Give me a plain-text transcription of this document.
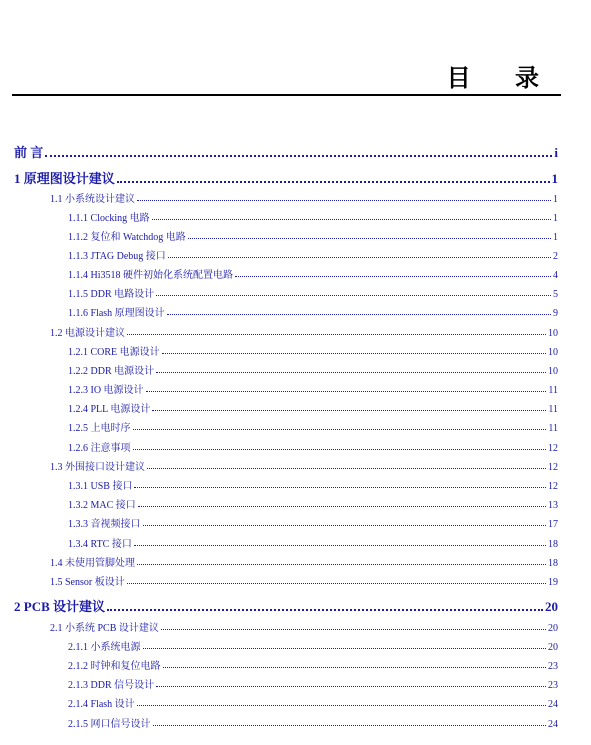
目 录
前 言	i
1 原理图设计建议	1
1.1 小系统设计建议	1
1.1.1 Clocking 电路	1
1.1.2 复位和 Watchdog 电路	1
1.1.3 JTAG Debug 接口	2
1.1.4 Hi3518 硬件初始化系统配置电路	4
1.1.5 DDR 电路设计	5
1.1.6 Flash 原理图设计	9
1.2 电源设计建议	10
1.2.1 CORE 电源设计	10
1.2.2 DDR 电源设计	10
1.2.3 IO 电源设计	11
1.2.4 PLL 电源设计	11
1.2.5 上电时序	11
1.2.6 注意事项	12
1.3 外围接口设计建议	12
1.3.1 USB 接口	12
1.3.2 MAC 接口	13
1.3.3 音视频接口	17
1.3.4 RTC 接口	18
1.4 未使用管脚处理	18
1.5 Sensor 板设计	19
2 PCB 设计建议	20
2.1 小系统 PCB 设计建议	20
2.1.1 小系统电源	20
2.1.2 时钟和复位电路	23
2.1.3 DDR 信号设计	23
2.1.4 Flash 设计	24
2.1.5 网口信号设计	24
